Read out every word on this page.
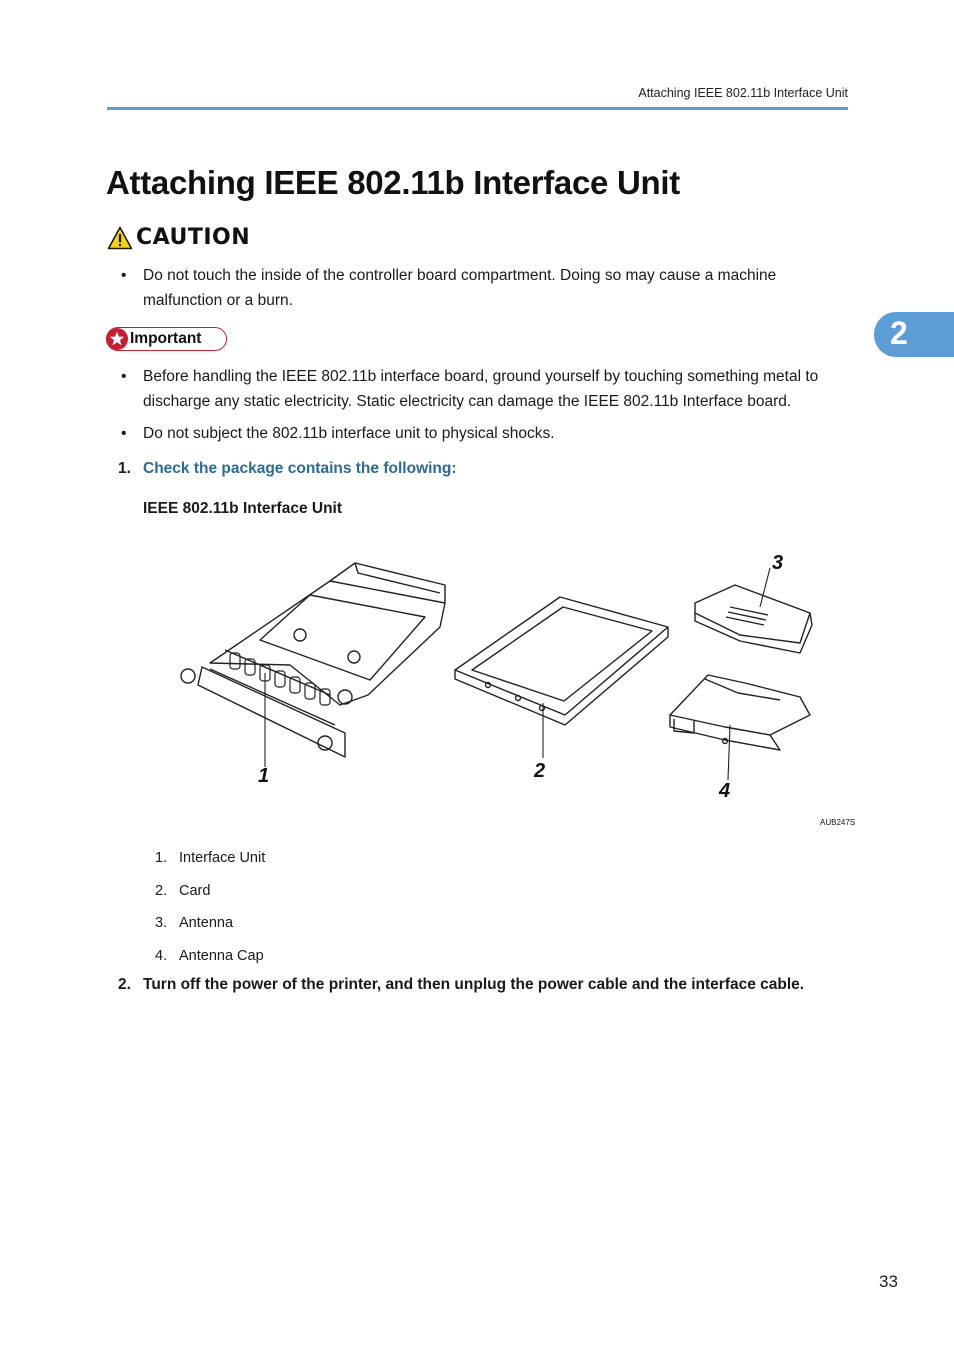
Attaching IEEE 802.11b Interface Unit
Attaching IEEE 802.11b Interface Unit
CAUTION
• Do not touch the inside of the controller board compartment. Doing so may cause a machine malfunction or a burn.
Important
• Before handling the IEEE 802.11b interface board, ground yourself by touching something metal to discharge any static electricity. Static electricity can damage the IEEE 802.11b Interface board.
• Do not subject the 802.11b interface unit to physical shocks.
1. Check the package contains the following:
IEEE 802.11b Interface Unit
1	2
3
4
AUB247S
1. Interface Unit
2. Card
3. Antenna
4. Antenna Cap
2. Turn off the power of the printer, and then unplug the power cable and the interface cable.
2
33
